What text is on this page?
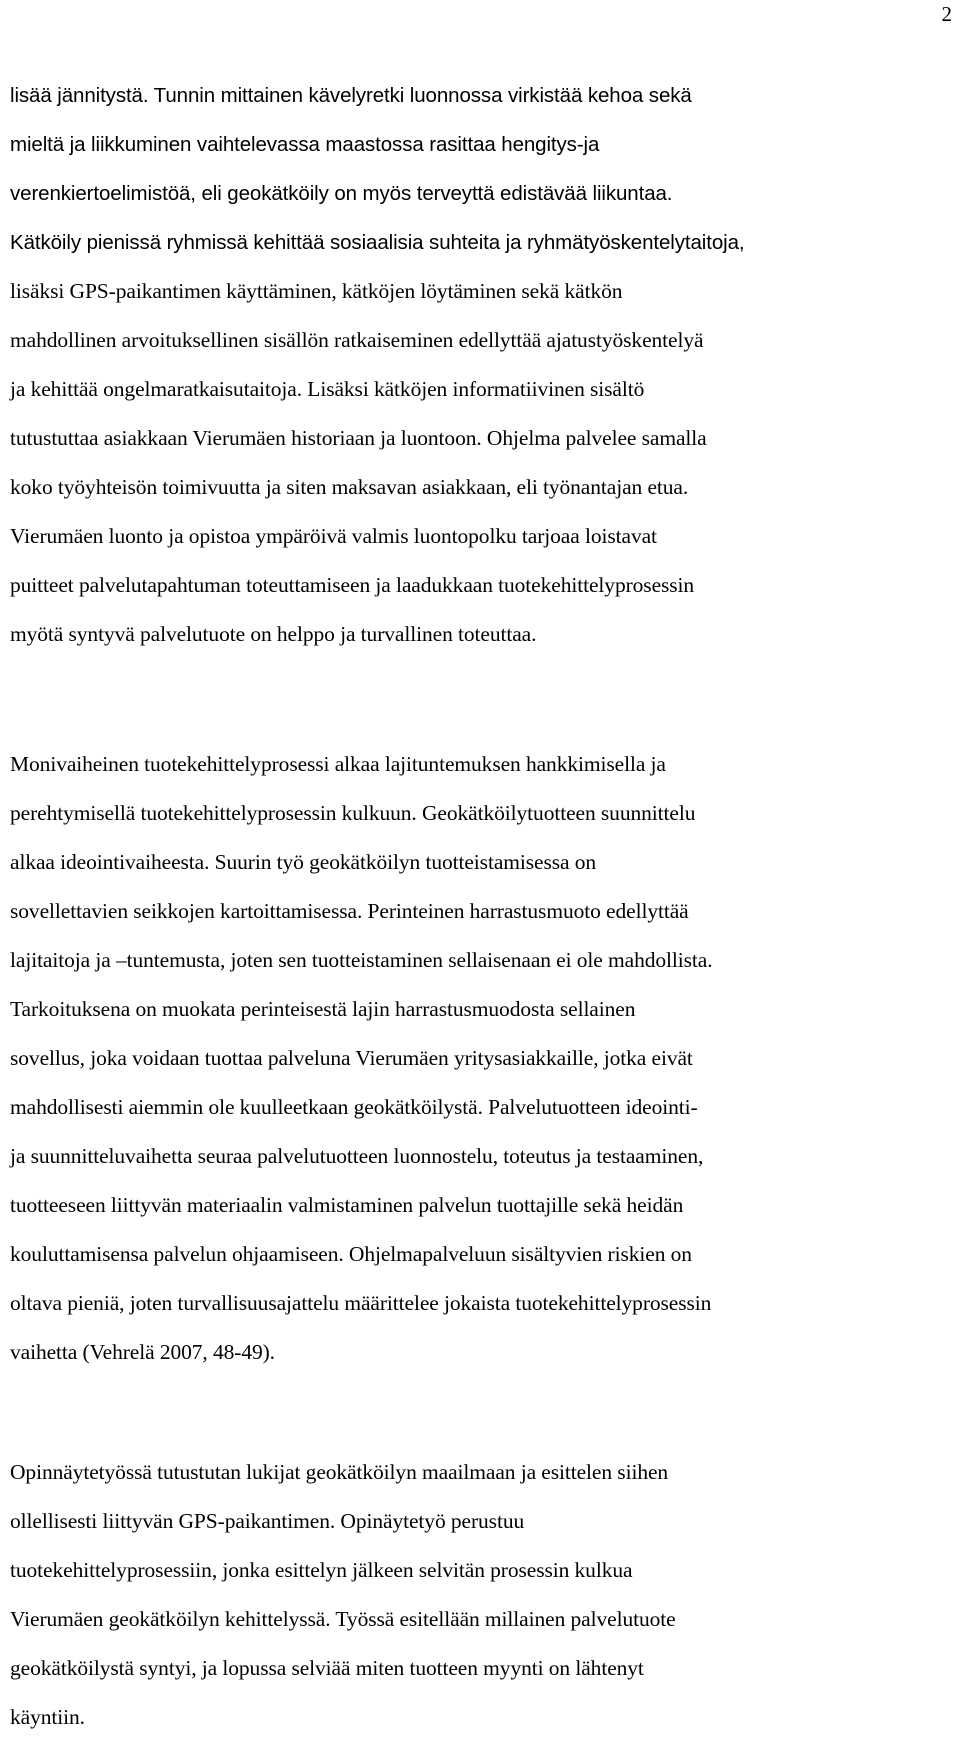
2
lisää jännitystä. Tunnin mittainen kävelyretki luonnossa virkistää kehoa sekä
mieltä ja liikkuminen vaihtelevassa maastossa rasittaa hengitys-ja
verenkiertoelimistöä, eli geokätköily on myös terveyttä edistävää liikuntaa.
Kätköily pienissä ryhmissä kehittää sosiaalisia suhteita ja ryhmätyöskentelytaitoja,
lisäksi GPS-paikantimen käyttäminen, kätköjen löytäminen sekä kätkön
mahdollinen arvoituksellinen sisällön ratkaiseminen edellyttää ajatustyöskentelyä
ja kehittää ongelmaratkaisutaitoja. Lisäksi kätköjen informatiivinen sisältö
tutustuttaa asiakkaan Vierumäen historiaan ja luontoon. Ohjelma palvelee samalla
koko työyhteisön toimivuutta ja siten maksavan asiakkaan, eli työnantajan etua.
Vierumäen luonto ja opistoa ympäröivä valmis luontopolku tarjoaa loistavat
puitteet palvelutapahtuman toteuttamiseen ja laadukkaan tuotekehittelyprosessin
myötä syntyvä palvelutuote on helppo ja turvallinen toteuttaa.
Monivaiheinen tuotekehittelyprosessi alkaa lajituntemuksen hankkimisella ja
perehtymisellä tuotekehittelyprosessin kulkuun. Geokätköilytuotteen suunnittelu
alkaa ideointivaiheesta. Suurin työ geokätköilyn tuotteistamisessa on
sovellettavien seikkojen kartoittamisessa. Perinteinen harrastusmuoto edellyttää
lajitaitoja ja –tuntemusta, joten sen tuotteistaminen sellaisenaan ei ole mahdollista.
Tarkoituksena on muokata perinteisestä lajin harrastusmuodosta sellainen
sovellus, joka voidaan tuottaa palveluna Vierumäen yritysasiakkaille, jotka eivät
mahdollisesti aiemmin ole kuulleetkaan geokätköilystä. Palvelutuotteen ideointi-
ja suunnitteluvaihetta seuraa palvelutuotteen luonnostelu, toteutus ja testaaminen,
tuotteeseen liittyvän materiaalin valmistaminen palvelun tuottajille sekä heidän
kouluttamisensa palvelun ohjaamiseen. Ohjelmapalveluun sisältyvien riskien on
oltava pieniä, joten turvallisuusajattelu määrittelee jokaista tuotekehittelyprosessin
vaihetta (Vehrelä 2007, 48-49).
Opinnäytetyössä tutustutan lukijat geokätköilyn maailmaan ja esittelen siihen
ollellisesti liittyvän GPS-paikantimen. Opinäytetyö perustuu
tuotekehittelyprosessiin, jonka esittelyn jälkeen selvitän prosessin kulkua
Vierumäen geokätköilyn kehittelyssä. Työssä esitellään millainen palvelutuote
geokätköilystä syntyi, ja lopussa selviää miten tuotteen myynti on lähtenyt
käyntiin.
